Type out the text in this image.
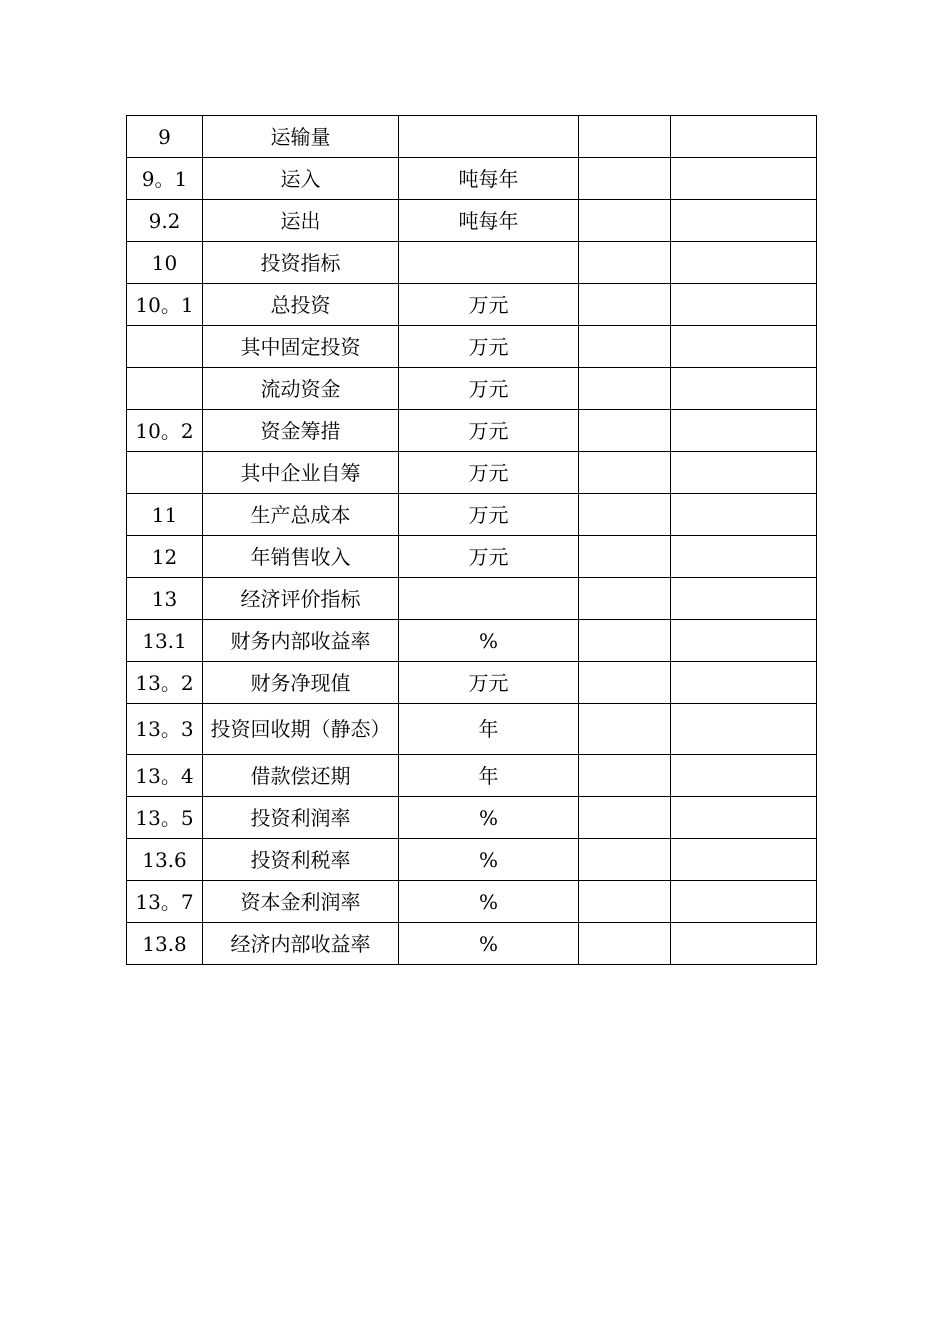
9	运输量			
9。1	运入	吨每年		
9.2	运出	吨每年		
10	投资指标			
10。1	总投资	万元		
	其中固定投资	万元		
	流动资金	万元		
10。2	资金筹措	万元		
	其中企业自筹	万元		
11	生产总成本	万元		
12	年销售收入	万元		
13	经济评价指标			
13.1	财务内部收益率	%		
13。2	财务净现值	万元		
13。3	投资回收期（静态）	年		
13。4	借款偿还期	年		
13。5	投资利润率	%		
13.6	投资利税率	%		
13。7	资本金利润率	%		
13.8	经济内部收益率	%		
